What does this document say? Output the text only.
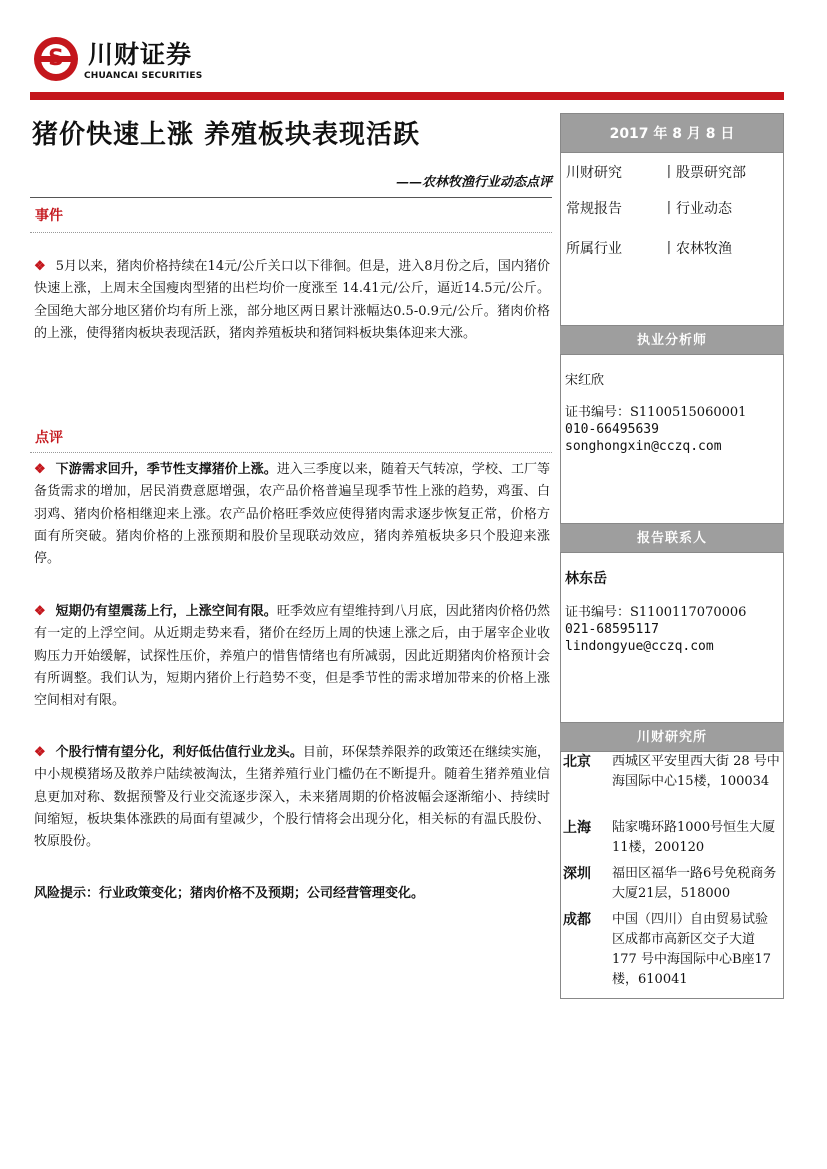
S 川财证券
CHUANCAI SECURITIES
猪价快速上涨 养殖板块表现活跃
——农林牧渔行业动态点评
事件
❖ 5月以来，猪肉价格持续在14元/公斤关口以下徘徊。但是，进入8月份之后，国内猪价快速上涨，上周末全国瘦肉型猪的出栏均价一度涨至 14.41元/公斤，逼近14.5元/公斤。全国绝大部分地区猪价均有所上涨，部分地区两日累计涨幅达0.5-0.9元/公斤。猪肉价格的上涨，使得猪肉板块表现活跃，猪肉养殖板块和猪饲料板块集体迎来大涨。
点评
❖ 下游需求回升，季节性支撑猪价上涨。进入三季度以来，随着天气转凉，学校、工厂等备货需求的增加，居民消费意愿增强，农产品价格普遍呈现季节性上涨的趋势，鸡蛋、白羽鸡、猪肉价格相继迎来上涨。农产品价格旺季效应使得猪肉需求逐步恢复正常，价格方面有所突破。猪肉价格的上涨预期和股价呈现联动效应，猪肉养殖板块多只个股迎来涨停。
❖ 短期仍有望震荡上行，上涨空间有限。旺季效应有望维持到八月底，因此猪肉价格仍然有一定的上浮空间。从近期走势来看，猪价在经历上周的快速上涨之后，由于屠宰企业收购压力开始缓解，试探性压价，养殖户的惜售情绪也有所减弱，因此近期猪肉价格预计会有所调整。我们认为，短期内猪价上行趋势不变，但是季节性的需求增加带来的价格上涨空间相对有限。
❖ 个股行情有望分化，利好低估值行业龙头。目前，环保禁养限养的政策还在继续实施，中小规模猪场及散养户陆续被淘汰，生猪养殖行业门槛仍在不断提升。随着生猪养殖业信息更加对称、数据预警及行业交流逐步深入，未来猪周期的价格波幅会逐渐缩小、持续时间缩短，板块集体涨跌的局面有望减少，个股行情将会出现分化，相关标的有温氏股份、牧原股份。
风险提示：行业政策变化；猪肉价格不及预期；公司经营管理变化。
2017 年 8 月 8 日
川财研究	丨股票研究部
常规报告	丨行业动态
所属行业	丨农林牧渔
执业分析师
宋红欣
证书编号：S1100515060001
010-66495639
songhongxin@cczq.com
报告联系人
林东岳
证书编号：S1100117070006
021-68595117
lindongyue@cczq.com
川财研究所
北京 西城区平安里西大街 28 号中海国际中心15楼，100034
上海 陆家嘴环路1000号恒生大厦11楼，200120
深圳 福田区福华一路6号免税商务大厦21层，518000
成都 中国（四川）自由贸易试验区成都市高新区交子大道 177 号中海国际中心B座17楼，610041
